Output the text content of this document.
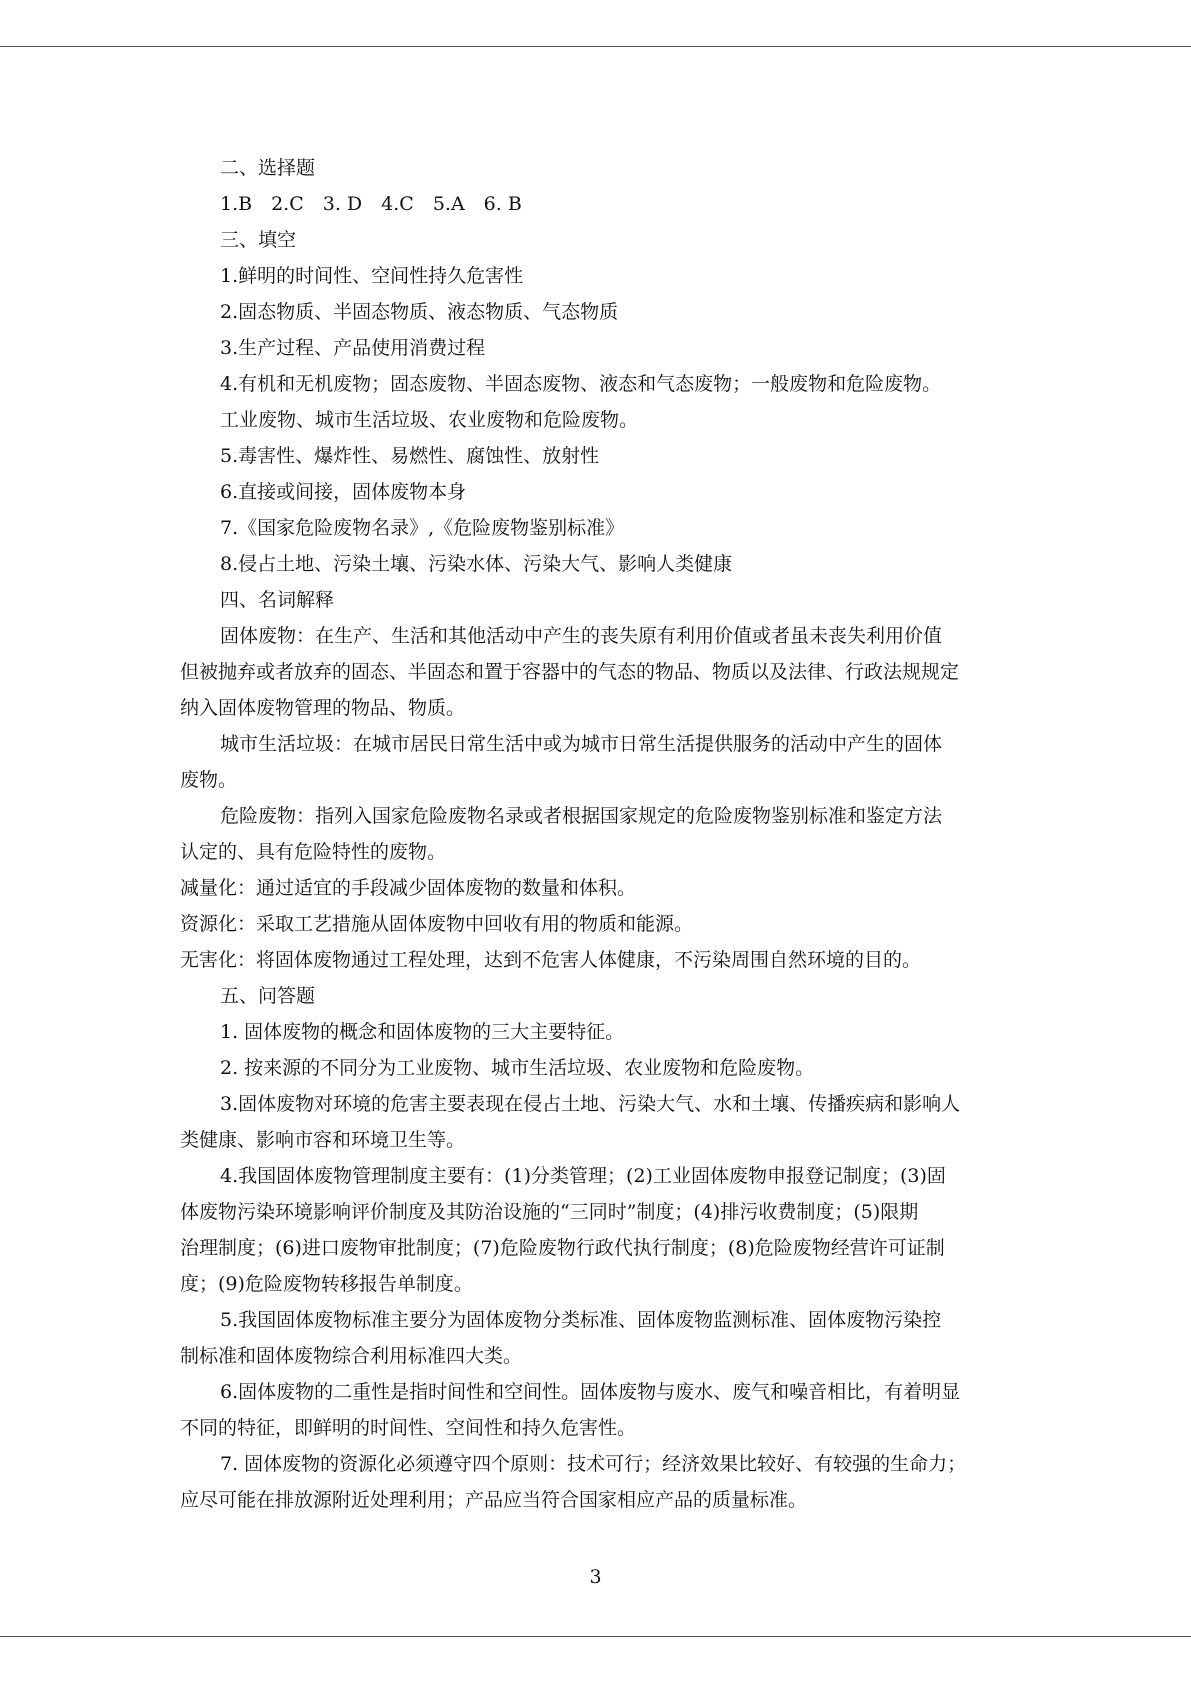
二、选择题
1.B　2.C　3. D　4.C　5.A　6. B
三、填空
1.鲜明的时间性、空间性持久危害性
2.固态物质、半固态物质、液态物质、气态物质
3.生产过程、产品使用消费过程
4.有机和无机废物；固态废物、半固态废物、液态和气态废物；一般废物和危险废物。
工业废物、城市生活垃圾、农业废物和危险废物。
5.毒害性、爆炸性、易燃性、腐蚀性、放射性
6.直接或间接，固体废物本身
7.《国家危险废物名录》,《危险废物鉴别标准》
8.侵占土地、污染土壤、污染水体、污染大气、影响人类健康
四、名词解释
固体废物：在生产、生活和其他活动中产生的丧失原有利用价值或者虽未丧失利用价值
但被抛弃或者放弃的固态、半固态和置于容器中的气态的物品、物质以及法律、行政法规规定
纳入固体废物管理的物品、物质。
城市生活垃圾：在城市居民日常生活中或为城市日常生活提供服务的活动中产生的固体
废物。
危险废物：指列入国家危险废物名录或者根据国家规定的危险废物鉴别标准和鉴定方法
认定的、具有危险特性的废物。
减量化：通过适宜的手段减少固体废物的数量和体积。
资源化：采取工艺措施从固体废物中回收有用的物质和能源。
无害化：将固体废物通过工程处理，达到不危害人体健康，不污染周围自然环境的目的。
五、问答题
1. 固体废物的概念和固体废物的三大主要特征。
2. 按来源的不同分为工业废物、城市生活垃圾、农业废物和危险废物。
3.固体废物对环境的危害主要表现在侵占土地、污染大气、水和土壤、传播疾病和影响人
类健康、影响市容和环境卫生等。
4.我国固体废物管理制度主要有：(1)分类管理；(2)工业固体废物申报登记制度；(3)固
体废物污染环境影响评价制度及其防治设施的“三同时”制度；(4)排污收费制度；(5)限期
治理制度；(6)进口废物审批制度；(7)危险废物行政代执行制度；(8)危险废物经营许可证制
度；(9)危险废物转移报告单制度。
5.我国固体废物标准主要分为固体废物分类标准、固体废物监测标准、固体废物污染控
制标准和固体废物综合利用标准四大类。
6.固体废物的二重性是指时间性和空间性。固体废物与废水、废气和噪音相比，有着明显
不同的特征，即鲜明的时间性、空间性和持久危害性。
7. 固体废物的资源化必须遵守四个原则：技术可行；经济效果比较好、有较强的生命力；
应尽可能在排放源附近处理利用；产品应当符合国家相应产品的质量标准。
3
